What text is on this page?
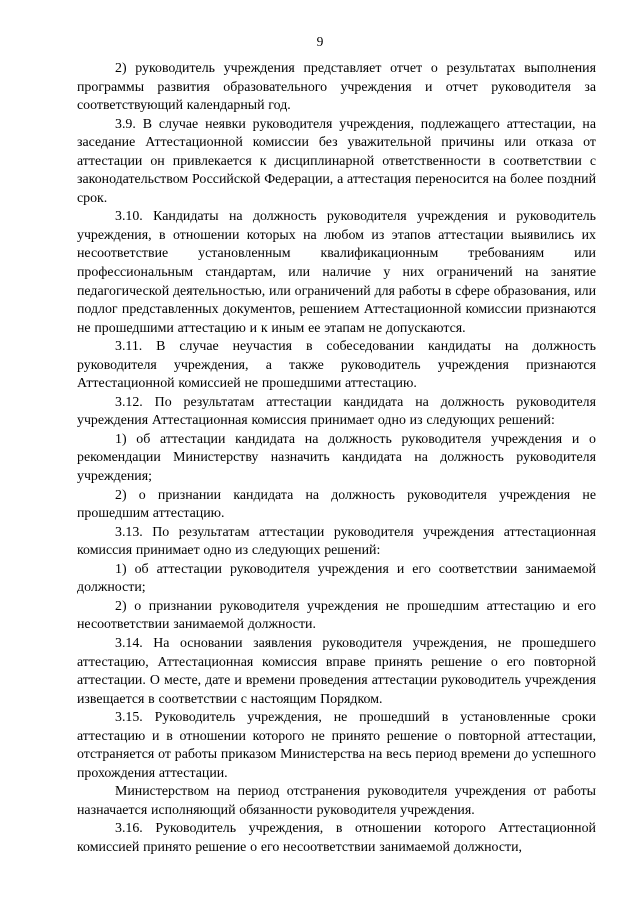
9

2) руководитель учреждения представляет отчет о результатах выполнения программы развития образовательного учреждения и отчет руководителя за соответствующий календарный год.

3.9. В случае неявки руководителя учреждения, подлежащего аттестации, на заседание Аттестационной комиссии без уважительной причины или отказа от аттестации он привлекается к дисциплинарной ответственности в соответствии с законодательством Российской Федерации, а аттестация переносится на более поздний срок.

3.10. Кандидаты на должность руководителя учреждения и руководитель учреждения, в отношении которых на любом из этапов аттестации выявились их несоответствие установленным квалификационным требованиям или профессиональным стандартам, или наличие у них ограничений на занятие педагогической деятельностью, или ограничений для работы в сфере образования, или подлог представленных документов, решением Аттестационной комиссии признаются не прошедшими аттестацию и к иным ее этапам не допускаются.

3.11. В случае неучастия в собеседовании кандидаты на должность руководителя учреждения, а также руководитель учреждения признаются Аттестационной комиссией не прошедшими аттестацию.

3.12. По результатам аттестации кандидата на должность руководителя учреждения Аттестационная комиссия принимает одно из следующих решений:

1) об аттестации кандидата на должность руководителя учреждения и о рекомендации Министерству назначить кандидата на должность руководителя учреждения;

2) о признании кандидата на должность руководителя учреждения не прошедшим аттестацию.

3.13. По результатам аттестации руководителя учреждения аттестационная комиссия принимает одно из следующих решений:

1) об аттестации руководителя учреждения и его соответствии занимаемой должности;

2) о признании руководителя учреждения не прошедшим аттестацию и его несоответствии занимаемой должности.

3.14. На основании заявления руководителя учреждения, не прошедшего аттестацию, Аттестационная комиссия вправе принять решение о его повторной аттестации. О месте, дате и времени проведения аттестации руководитель учреждения извещается в соответствии с настоящим Порядком.

3.15. Руководитель учреждения, не прошедший в установленные сроки аттестацию и в отношении которого не принято решение о повторной аттестации, отстраняется от работы приказом Министерства на весь период времени до успешного прохождения аттестации.

Министерством на период отстранения руководителя учреждения от работы назначается исполняющий обязанности руководителя учреждения.

3.16. Руководитель учреждения, в отношении которого Аттестационной комиссией принято решение о его несоответствии занимаемой должности,
